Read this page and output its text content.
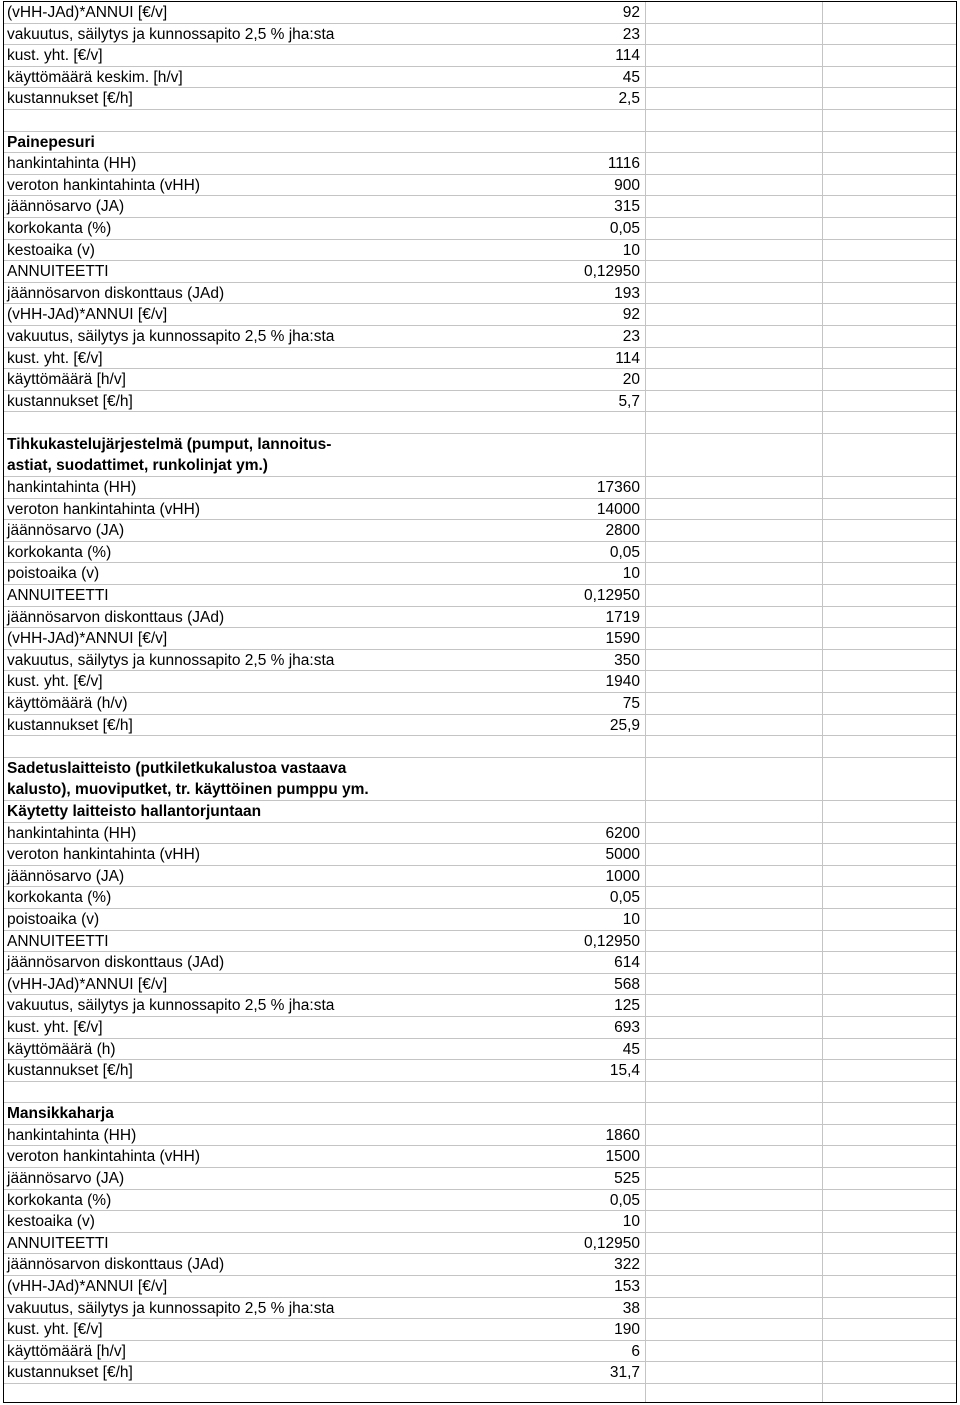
(vHH-JAd)*ANNUI [€/v]	92
vakuutus, säilytys ja kunnossapito 2,5 % jha:sta	23
kust. yht. [€/v]	114
käyttömäärä keskim. [h/v]	45
kustannukset [€/h]	2,5
Painepesuri
hankintahinta (HH)	1116
veroton hankintahinta (vHH)	900
jäännösarvo (JA)	315
korkokanta (%)	0,05
kestoaika (v)	10
ANNUITEETTI	0,12950
jäännösarvon diskonttaus (JAd)	193
(vHH-JAd)*ANNUI [€/v]	92
vakuutus, säilytys ja kunnossapito 2,5 % jha:sta	23
kust. yht. [€/v]	114
käyttömäärä [h/v]	20
kustannukset [€/h]	5,7
Tihkukastelujärjestelmä (pumput, lannoitus-
astiat, suodattimet, runkolinjat ym.)
hankintahinta (HH)	17360
veroton hankintahinta (vHH)	14000
jäännösarvo (JA)	2800
korkokanta (%)	0,05
poistoaika (v)	10
ANNUITEETTI	0,12950
jäännösarvon diskonttaus (JAd)	1719
(vHH-JAd)*ANNUI [€/v]	1590
vakuutus, säilytys ja kunnossapito 2,5 % jha:sta	350
kust. yht. [€/v]	1940
käyttömäärä (h/v)	75
kustannukset [€/h]	25,9
Sadetuslaitteisto (putkiletkukalustoa vastaava
kalusto), muoviputket, tr. käyttöinen pumppu ym.
Käytetty laitteisto hallantorjuntaan
hankintahinta (HH)	6200
veroton hankintahinta (vHH)	5000
jäännösarvo (JA)	1000
korkokanta (%)	0,05
poistoaika (v)	10
ANNUITEETTI	0,12950
jäännösarvon diskonttaus (JAd)	614
(vHH-JAd)*ANNUI [€/v]	568
vakuutus, säilytys ja kunnossapito 2,5 % jha:sta	125
kust. yht. [€/v]	693
käyttömäärä (h)	45
kustannukset [€/h]	15,4
Mansikkaharja
hankintahinta (HH)	1860
veroton hankintahinta (vHH)	1500
jäännösarvo (JA)	525
korkokanta (%)	0,05
kestoaika (v)	10
ANNUITEETTI	0,12950
jäännösarvon diskonttaus (JAd)	322
(vHH-JAd)*ANNUI [€/v]	153
vakuutus, säilytys ja kunnossapito 2,5 % jha:sta	38
kust. yht. [€/v]	190
käyttömäärä [h/v]	6
kustannukset [€/h]	31,7
